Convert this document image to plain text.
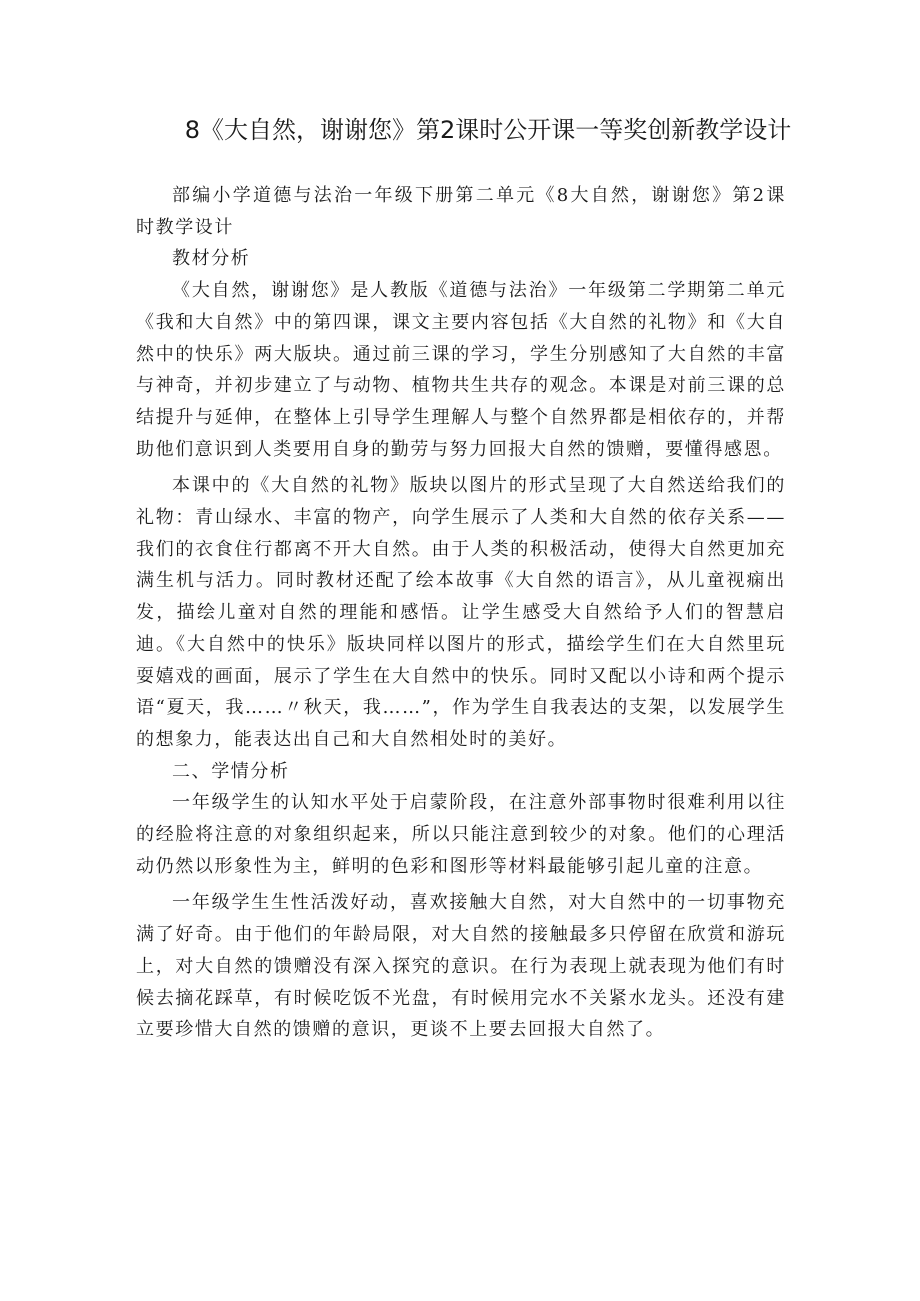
8《大自然，谢谢您》第2课时公开课一等奖创新教学设计

部编小学道德与法治一年级下册第二单元《8大自然，谢谢您》第2课时教学设计

教材分析

《大自然，谢谢您》是人教版《道德与法治》一年级第二学期第二单元《我和大自然》中的第四课，课文主要内容包括《大自然的礼物》和《大自然中的快乐》两大版块。通过前三课的学习，学生分别感知了大自然的丰富与神奇，并初步建立了与动物、植物共生共存的观念。本课是对前三课的总结提升与延伸，在整体上引导学生理解人与整个自然界都是相依存的，并帮助他们意识到人类要用自身的勤劳与努力回报大自然的馈赠，要懂得感恩。

本课中的《大自然的礼物》版块以图片的形式呈现了大自然送给我们的礼物：青山绿水、丰富的物产，向学生展示了人类和大自然的依存关系——我们的衣食住行都离不开大自然。由于人类的积极活动，使得大自然更加充满生机与活力。同时教材还配了绘本故事《大自然的语言》，从儿童视痫出发，描绘儿童对自然的理能和感悟。让学生感受大自然给予人们的智慧启迪。《大自然中的快乐》版块同样以图片的形式，描绘学生们在大自然里玩耍嬉戏的画面，展示了学生在大自然中的快乐。同时又配以小诗和两个提示语“夏天，我……〃秋天，我……”，作为学生自我表达的支架，以发展学生的想象力，能表达出自己和大自然相处时的美好。

二、学情分析

一年级学生的认知水平处于启蒙阶段，在注意外部事物时很难利用以往的经脸将注意的对象组织起来，所以只能注意到较少的对象。他们的心理活动仍然以形象性为主，鲜明的色彩和图形等材料最能够引起儿童的注意。

一年级学生生性活泼好动，喜欢接触大自然，对大自然中的一切事物充满了好奇。由于他们的年龄局限，对大自然的接触最多只停留在欣赏和游玩上，对大自然的馈赠没有深入探究的意识。在行为表现上就表现为他们有时候去摘花踩草，有时候吃饭不光盘，有时候用完水不关紧水龙头。还没有建立要珍惜大自然的馈赠的意识，更谈不上要去回报大自然了。
